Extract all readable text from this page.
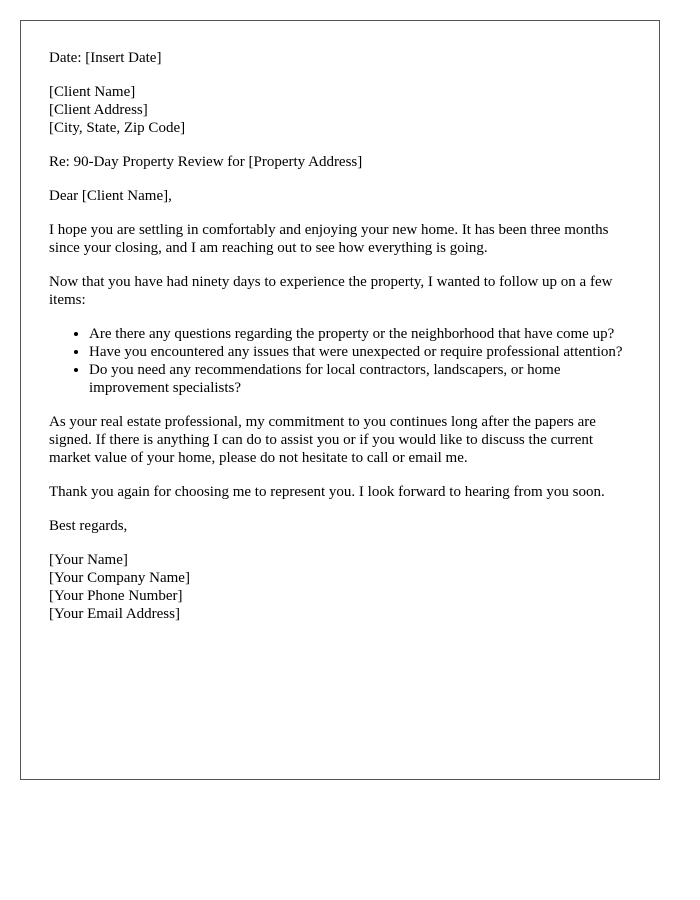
Date: [Insert Date]

[Client Name]
[Client Address]
[City, State, Zip Code]

Re: 90-Day Property Review for [Property Address]

Dear [Client Name],

I hope you are settling in comfortably and enjoying your new home. It has been three months since your closing, and I am reaching out to see how everything is going.

Now that you have had ninety days to experience the property, I wanted to follow up on a few items:

• Are there any questions regarding the property or the neighborhood that have come up?
• Have you encountered any issues that were unexpected or require professional attention?
• Do you need any recommendations for local contractors, landscapers, or home improvement specialists?

As your real estate professional, my commitment to you continues long after the papers are signed. If there is anything I can do to assist you or if you would like to discuss the current market value of your home, please do not hesitate to call or email me.

Thank you again for choosing me to represent you. I look forward to hearing from you soon.

Best regards,

[Your Name]
[Your Company Name]
[Your Phone Number]
[Your Email Address]
